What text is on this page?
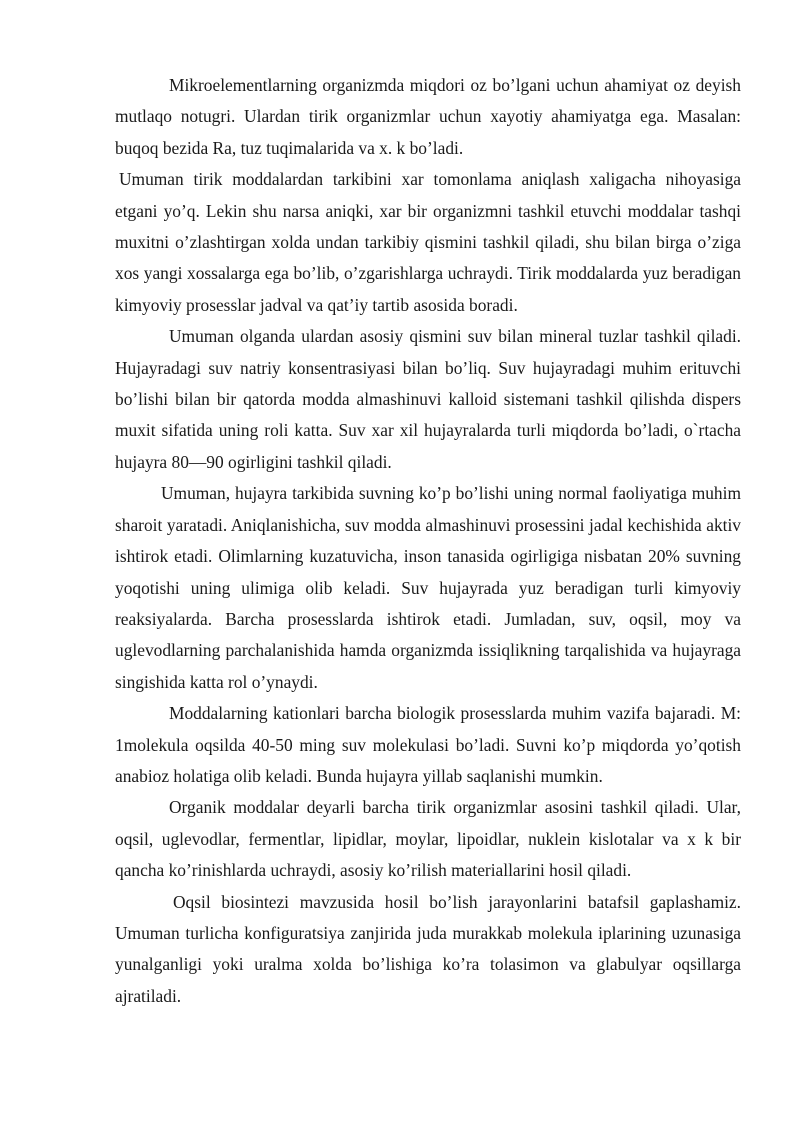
Mikroelementlarning organizmda miqdori oz bo’lgani uchun ahamiyat oz deyish mutlaqo notugri. Ulardan tirik organizmlar uchun xayotiy ahamiyatga ega. Masalan: buqoq bezida Ra, tuz tuqimalarida va x. k bo’ladi.

Umuman tirik moddalardan tarkibini xar tomonlama aniqlash xaligacha nihoyasiga etgani yo’q. Lekin shu narsa aniqki, xar bir organizmni tashkil etuvchi moddalar tashqi muxitni o’zlashtirgan xolda undan tarkibiy qismini tashkil qiladi, shu bilan birga o’ziga xos yangi xossalarga ega bo’lib, o’zgarishlarga uchraydi. Tirik moddalarda yuz beradigan kimyoviy prosesslar jadval va qat’iy tartib asosida boradi.

Umuman olganda ulardan asosiy qismini suv bilan mineral tuzlar tashkil qiladi. Hujayradagi suv natriy konsentrasiyasi bilan bo’liq. Suv hujayradagi muhim erituvchi bo’lishi bilan bir qatorda modda almashinuvi kalloid sistemani tashkil qilishda dispers muxit sifatida uning roli katta. Suv xar xil hujayralarda turli miqdorda bo’ladi, o`rtacha hujayra 80—90 ogirligini tashkil qiladi.

Umuman, hujayra tarkibida suvning ko’p bo’lishi uning normal faoliyatiga muhim sharoit yaratadi. Aniqlanishicha, suv modda almashinuvi prosessini jadal kechishida aktiv ishtirok etadi. Olimlarning kuzatuvicha, inson tanasida ogirligiga nisbatan 20% suvning yoqotishi uning ulimiga olib keladi. Suv hujayrada yuz beradigan turli kimyoviy reaksiyalarda. Barcha prosesslarda ishtirok etadi. Jumladan, suv, oqsil, moy va uglevodlarning parchalanishida hamda organizmda issiqlikning tarqalishida va hujayraga singishida katta rol o’ynaydi.

Moddalarning kationlari barcha biologik prosesslarda muhim vazifa bajaradi. M: 1molekula oqsilda 40-50 ming suv molekulasi bo’ladi. Suvni ko’p miqdorda yo’qotish anabioz holatiga olib keladi. Bunda hujayra yillab saqlanishi mumkin.

Organik moddalar deyarli barcha tirik organizmlar asosini tashkil qiladi. Ular, oqsil, uglevodlar, fermentlar, lipidlar, moylar, lipoidlar, nuklein kislotalar va x k bir qancha ko’rinishlarda uchraydi, asosiy ko’rilish materiallarini hosil qiladi.

Oqsil biosintezi mavzusida hosil bo’lish jarayonlarini batafsil gaplashamiz. Umuman turlicha konfiguratsiya zanjirida juda murakkab molekula iplarining uzunasiga yunalganligi yoki uralma xolda bo’lishiga ko’ra tolasimon va glabulyar oqsillarga ajratiladi.
